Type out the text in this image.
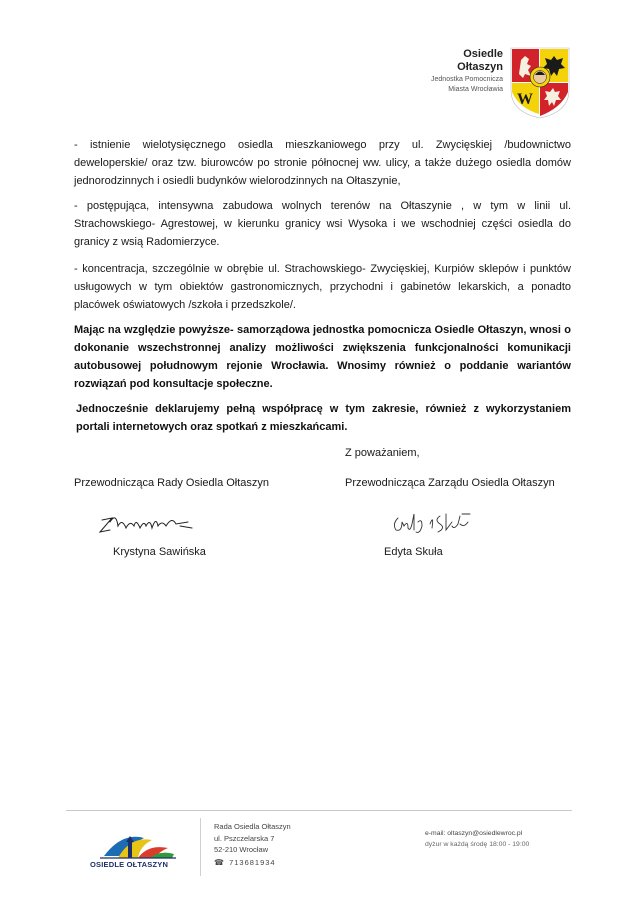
Osiedle
Ołtaszyn
Jednostka Pomocnicza
Miasta Wrocławia
W
- istnienie wielotysięcznego osiedla mieszkaniowego przy ul. Zwycięskiej /budownictwo deweloperskie/ oraz tzw. biurowców po stronie północnej ww. ulicy, a także dużego osiedla domów jednorodzinnych i osiedli budynków wielorodzinnych na Ołtaszynie,
- postępująca, intensywna zabudowa wolnych terenów na Ołtaszynie , w tym w linii ul. Strachowskiego- Agrestowej, w kierunku granicy wsi Wysoka i we wschodniej części osiedla do granicy z wsią Radomierzyce.
- koncentracja, szczególnie w obrębie ul. Strachowskiego- Zwycięskiej, Kurpiów sklepów i punktów usługowych w tym obiektów gastronomicznych, przychodni i gabinetów lekarskich, a ponadto placówek oświatowych /szkoła i przedszkole/.
Mając na względzie powyższe- samorządowa jednostka pomocnicza Osiedle Ołtaszyn, wnosi o dokonanie wszechstronnej analizy możliwości zwiększenia funkcjonalności komunikacji autobusowej połudnowym rejonie Wrocławia. Wnosimy również o poddanie wariantów rozwiązań pod konsultacje społeczne.
Jednocześnie deklarujemy pełną współpracę w tym zakresie, również z wykorzystaniem portali internetowych oraz spotkań z mieszkańcami.
Z poważaniem,
Przewodnicząca Rady Osiedla Ołtaszyn	Przewodnicząca Zarządu Osiedla Ołtaszyn
Krystyna Sawińska	Edyta Skuła
OSIEDLE OŁTASZYN
Rada Osiedla Ołtaszyn
ul. Pszczelarska 7
52-210 Wrocław
☎ 713681934
e-mail: oltaszyn@osiedlewroc.pl
dyżur w każdą środę 18:00 - 19:00
